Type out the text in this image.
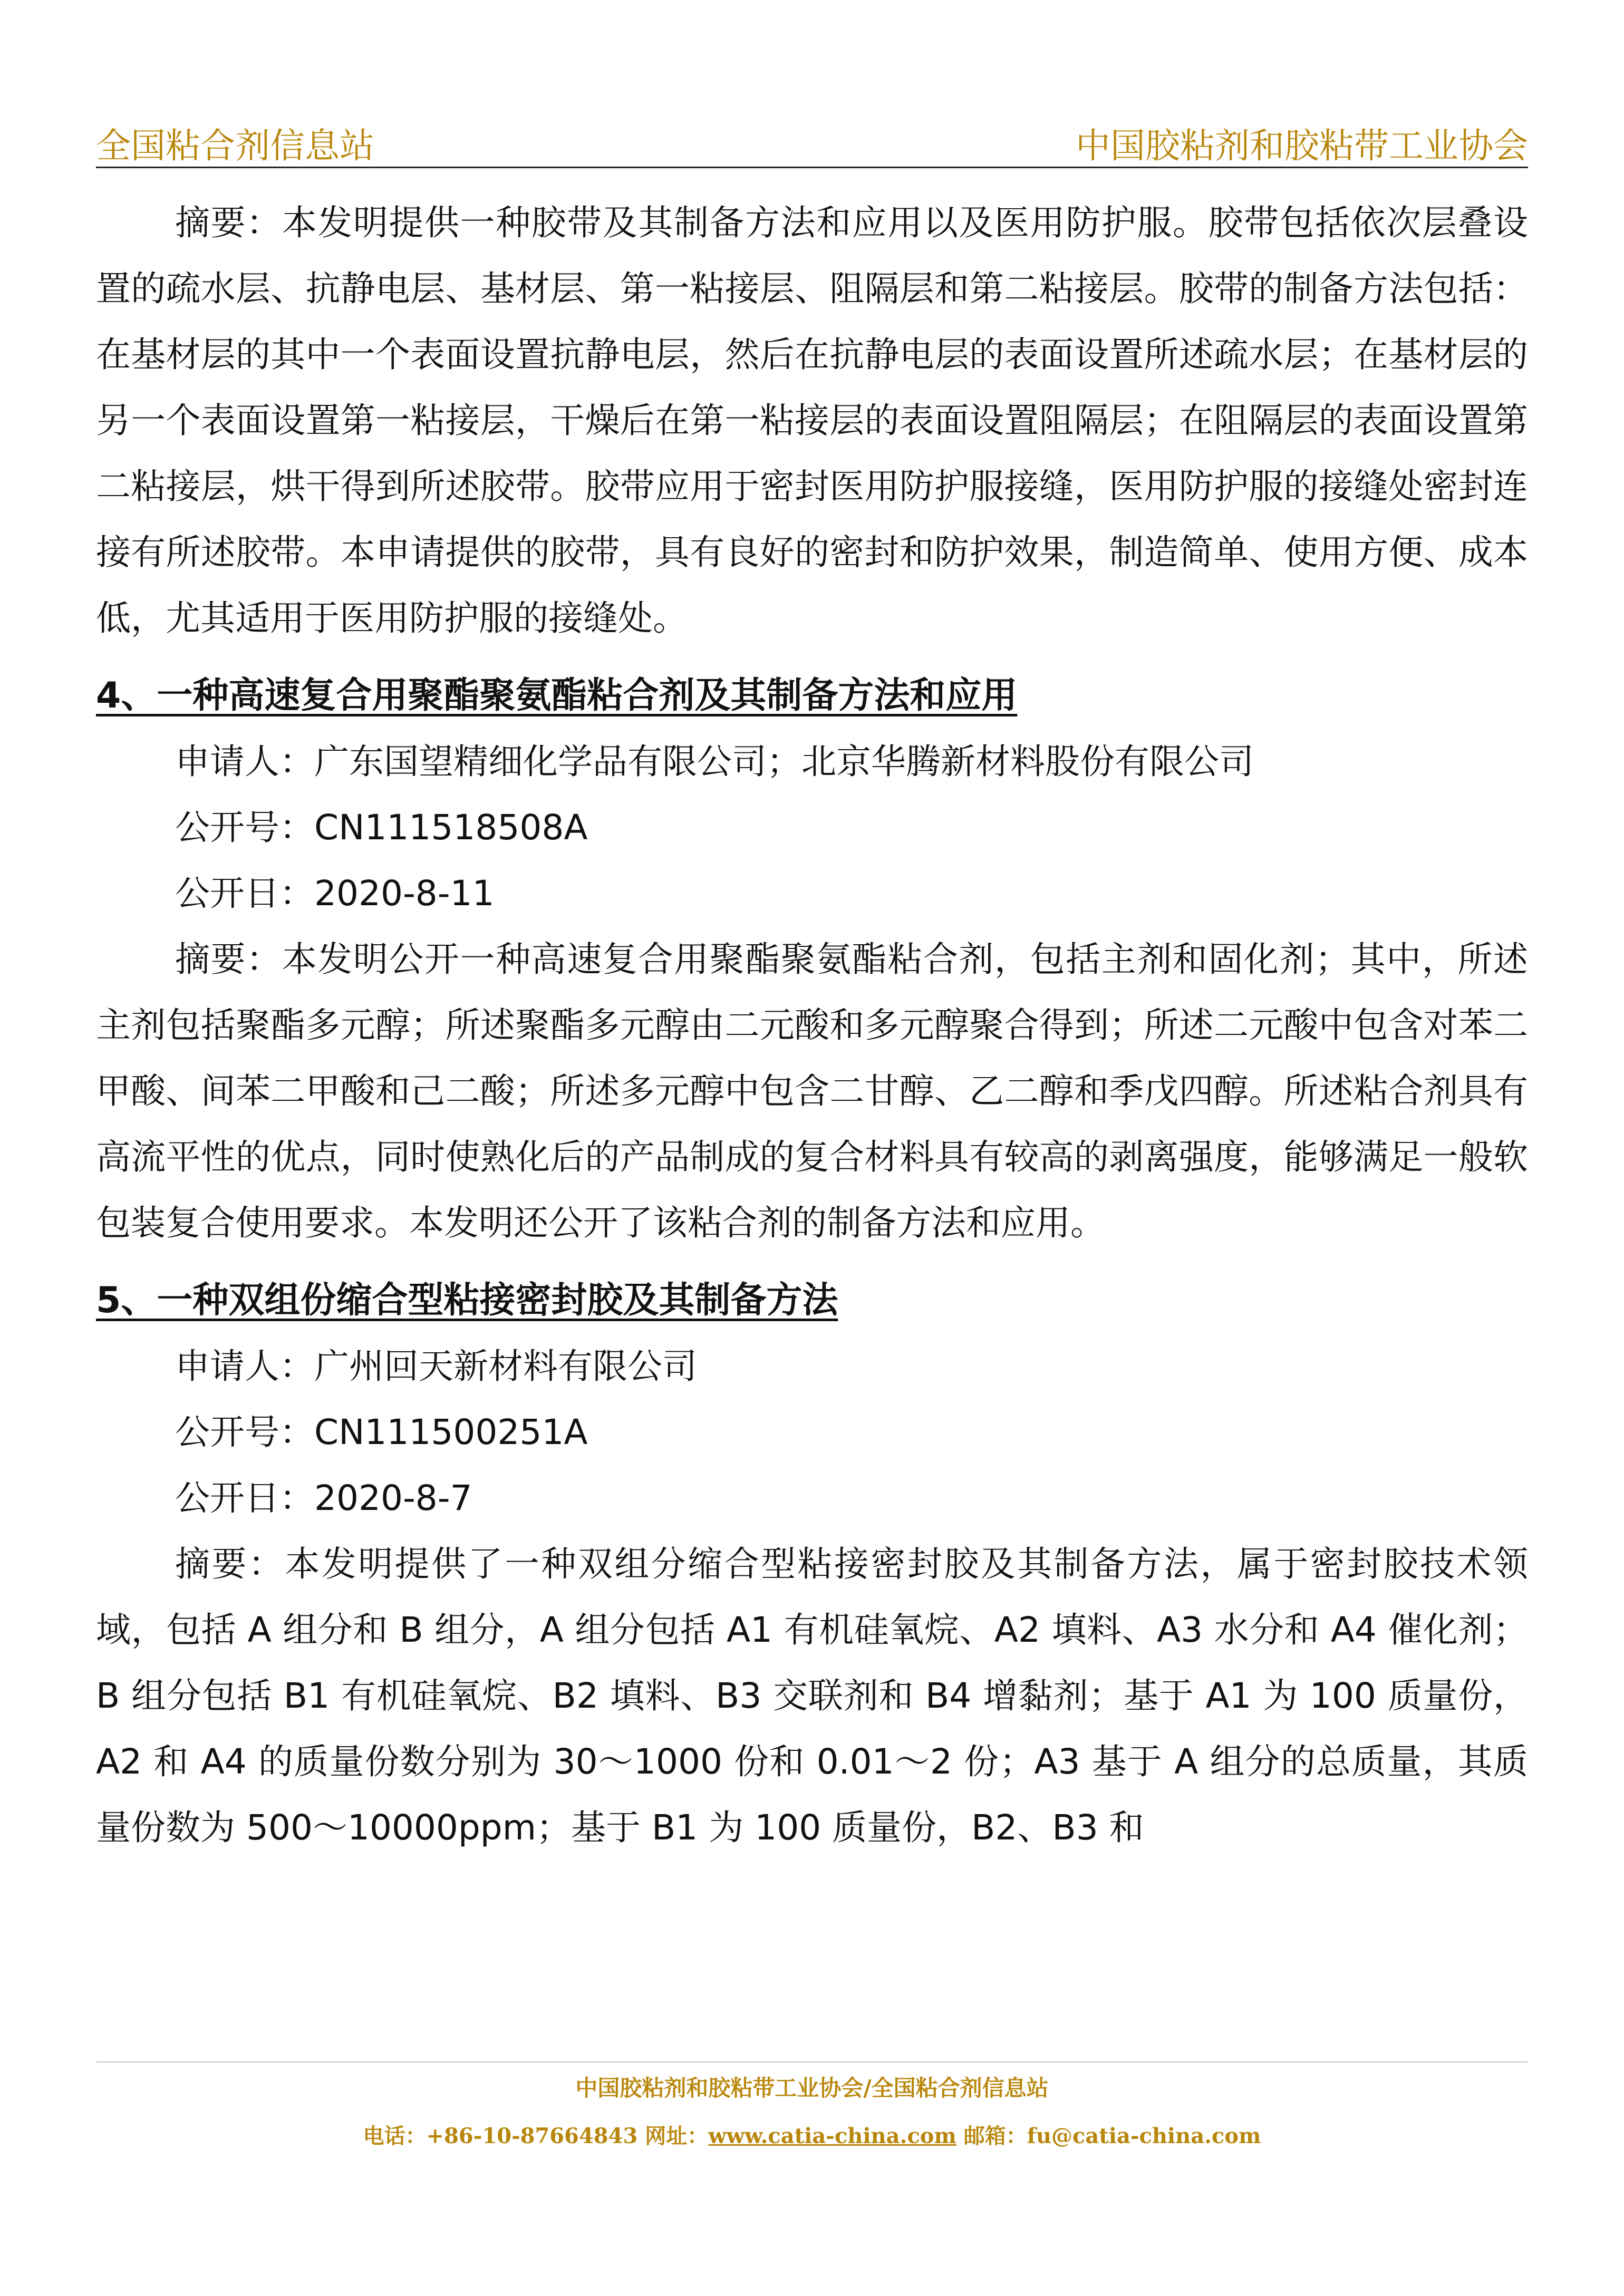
全国粘合剂信息站	中国胶粘剂和胶粘带工业协会

摘要：本发明提供一种胶带及其制备方法和应用以及医用防护服。胶带包括依次层叠设置的疏水层、抗静电层、基材层、第一粘接层、阻隔层和第二粘接层。胶带的制备方法包括：在基材层的其中一个表面设置抗静电层，然后在抗静电层的表面设置所述疏水层；在基材层的另一个表面设置第一粘接层，干燥后在第一粘接层的表面设置阻隔层；在阻隔层的表面设置第二粘接层，烘干得到所述胶带。胶带应用于密封医用防护服接缝，医用防护服的接缝处密封连接有所述胶带。本申请提供的胶带，具有良好的密封和防护效果，制造简单、使用方便、成本低，尤其适用于医用防护服的接缝处。

4、一种高速复合用聚酯聚氨酯粘合剂及其制备方法和应用

申请人：广东国望精细化学品有限公司；北京华腾新材料股份有限公司

公开号：CN111518508A

公开日：2020-8-11

摘要：本发明公开一种高速复合用聚酯聚氨酯粘合剂，包括主剂和固化剂；其中，所述主剂包括聚酯多元醇；所述聚酯多元醇由二元酸和多元醇聚合得到；所述二元酸中包含对苯二甲酸、间苯二甲酸和己二酸；所述多元醇中包含二甘醇、乙二醇和季戊四醇。所述粘合剂具有高流平性的优点，同时使熟化后的产品制成的复合材料具有较高的剥离强度，能够满足一般软包装复合使用要求。本发明还公开了该粘合剂的制备方法和应用。

5、一种双组份缩合型粘接密封胶及其制备方法

申请人：广州回天新材料有限公司

公开号：CN111500251A

公开日：2020-8-7

摘要：本发明提供了一种双组分缩合型粘接密封胶及其制备方法，属于密封胶技术领域，包括 A 组分和 B 组分，A 组分包括 A1 有机硅氧烷、A2 填料、A3 水分和 A4 催化剂；B 组分包括 B1 有机硅氧烷、B2 填料、B3 交联剂和 B4 增黏剂；基于 A1 为 100 质量份，A2 和 A4 的质量份数分别为 30～1000 份和 0.01～2 份；A3 基于 A 组分的总质量，其质量份数为 500～10000ppm；基于 B1 为 100 质量份，B2、B3 和

中国胶粘剂和胶粘带工业协会/全国粘合剂信息站
电话：+86-10-87664843 网址：www.catia-china.com 邮箱：fu@catia-china.com
